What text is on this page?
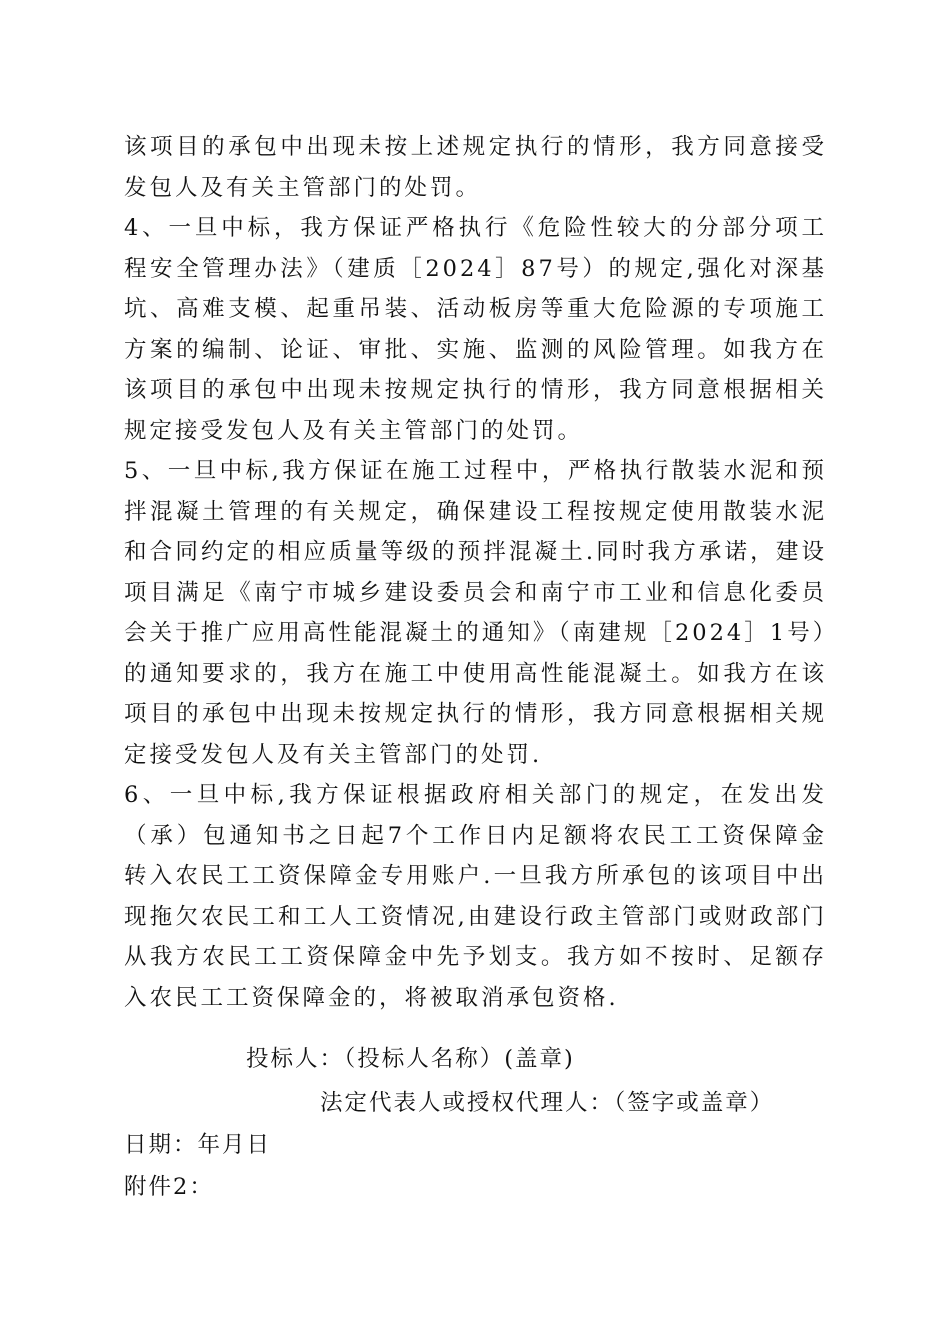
该项目的承包中出现未按上述规定执行的情形，我方同意接受发包人及有关主管部门的处罚。

4、一旦中标，我方保证严格执行《危险性较大的分部分项工程安全管理办法》（建质［2024］87号）的规定,强化对深基坑、高难支模、起重吊装、活动板房等重大危险源的专项施工方案的编制、论证、审批、实施、监测的风险管理。如我方在该项目的承包中出现未按规定执行的情形，我方同意根据相关规定接受发包人及有关主管部门的处罚。

5、一旦中标,我方保证在施工过程中，严格执行散装水泥和预拌混凝土管理的有关规定，确保建设工程按规定使用散装水泥和合同约定的相应质量等级的预拌混凝土.同时我方承诺，建设项目满足《南宁市城乡建设委员会和南宁市工业和信息化委员会关于推广应用高性能混凝土的通知》（南建规［2024］1号）的通知要求的，我方在施工中使用高性能混凝土。如我方在该项目的承包中出现未按规定执行的情形，我方同意根据相关规定接受发包人及有关主管部门的处罚.

6、一旦中标,我方保证根据政府相关部门的规定，在发出发（承）包通知书之日起7个工作日内足额将农民工工资保障金转入农民工工资保障金专用账户.一旦我方所承包的该项目中出现拖欠农民工和工人工资情况,由建设行政主管部门或财政部门从我方农民工工资保障金中先予划支。我方如不按时、足额存入农民工工资保障金的，将被取消承包资格.

投标人：（投标人名称）(盖章)
法定代表人或授权代理人：（签字或盖章）
日期：年月日
附件2：
